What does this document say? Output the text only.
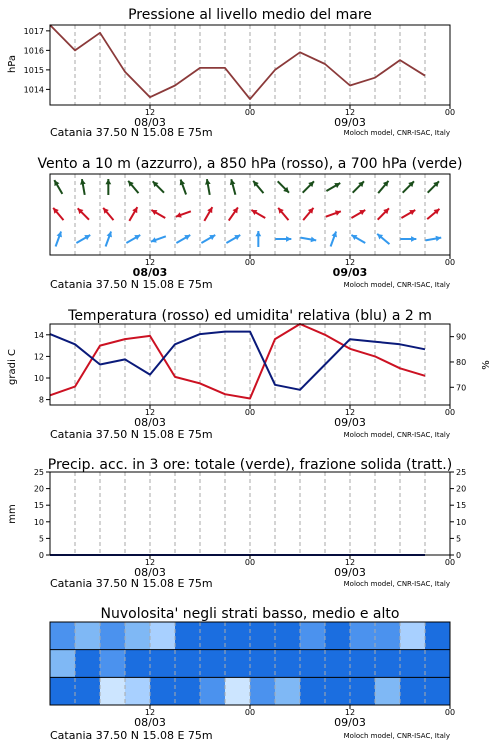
Pressione al livello medio del mare
Vento a 10 m (azzurro), a 850 hPa (rosso), a 700 hPa (verde)
Temperatura (rosso) ed umidita' relativa (blu) a 2 m
Precip. acc. in 3 ore: totale (verde), frazione solida (tratt.)
Nuvolosita' negli strati basso, medio e alto
hPa
gradi C	%
mm
Catania 37.50 N 15.08 E 75m	Moloch model, CNR-ISAC, Italy
Catania 37.50 N 15.08 E 75m	Moloch model, CNR-ISAC, Italy
Catania 37.50 N 15.08 E 75m	Moloch model, CNR-ISAC, Italy
Catania 37.50 N 15.08 E 75m	Moloch model, CNR-ISAC, Italy
Catania 37.50 N 15.08 E 75m	Moloch model, CNR-ISAC, Italy
1014
1015
1016
1017
12	00	12	00
08/03	09/03
12	00	12	00
08/03	09/03
8
10
12
14
70
80
90
12	00	12	00
08/03	09/03
0
5
10
15
20
25
0
5
10
15
20
25
12	00	12	00
08/03	09/03
12	00	12	00
08/03	09/03
